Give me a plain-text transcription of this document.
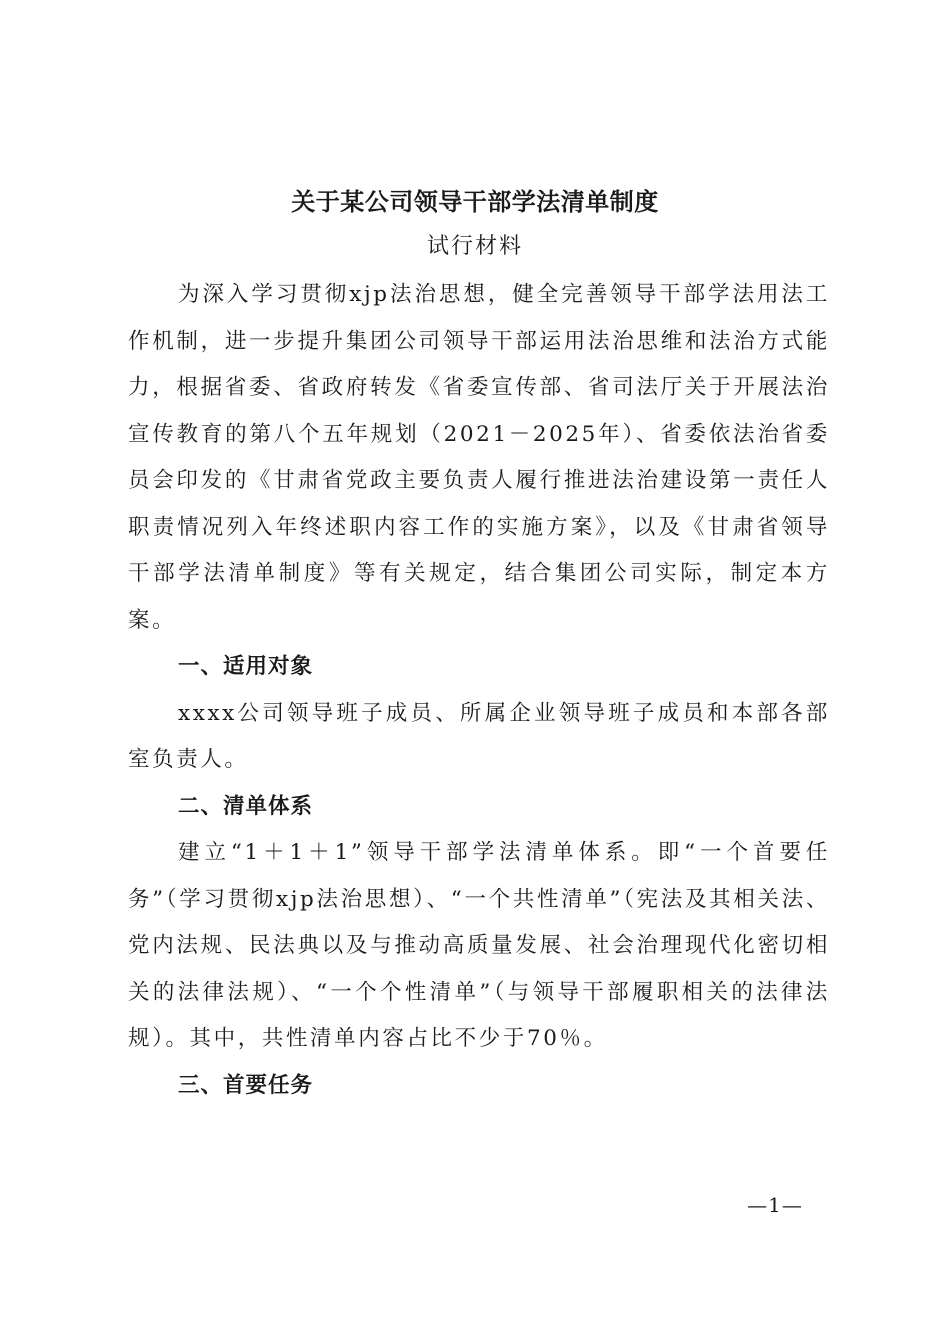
关于某公司领导干部学法清单制度
试行材料

为深入学习贯彻xjp法治思想，健全完善领导干部学法用法工作机制，进一步提升集团公司领导干部运用法治思维和法治方式能力，根据省委、省政府转发《省委宣传部、省司法厅关于开展法治宣传教育的第八个五年规划（2021－2025年）、省委依法治省委员会印发的《甘肃省党政主要负责人履行推进法治建设第一责任人职责情况列入年终述职内容工作的实施方案》，以及《甘肃省领导干部学法清单制度》等有关规定，结合集团公司实际，制定本方案。

一、适用对象

xxxx公司领导班子成员、所属企业领导班子成员和本部各部室负责人。

二、清单体系

建立“1＋1＋1”领导干部学法清单体系。即“一个首要任务”（学习贯彻xjp法治思想）、“一个共性清单”（宪法及其相关法、党内法规、民法典以及与推动高质量发展、社会治理现代化密切相关的法律法规）、“一个个性清单”（与领导干部履职相关的法律法规）。其中，共性清单内容占比不少于70％。

三、首要任务

—1—
